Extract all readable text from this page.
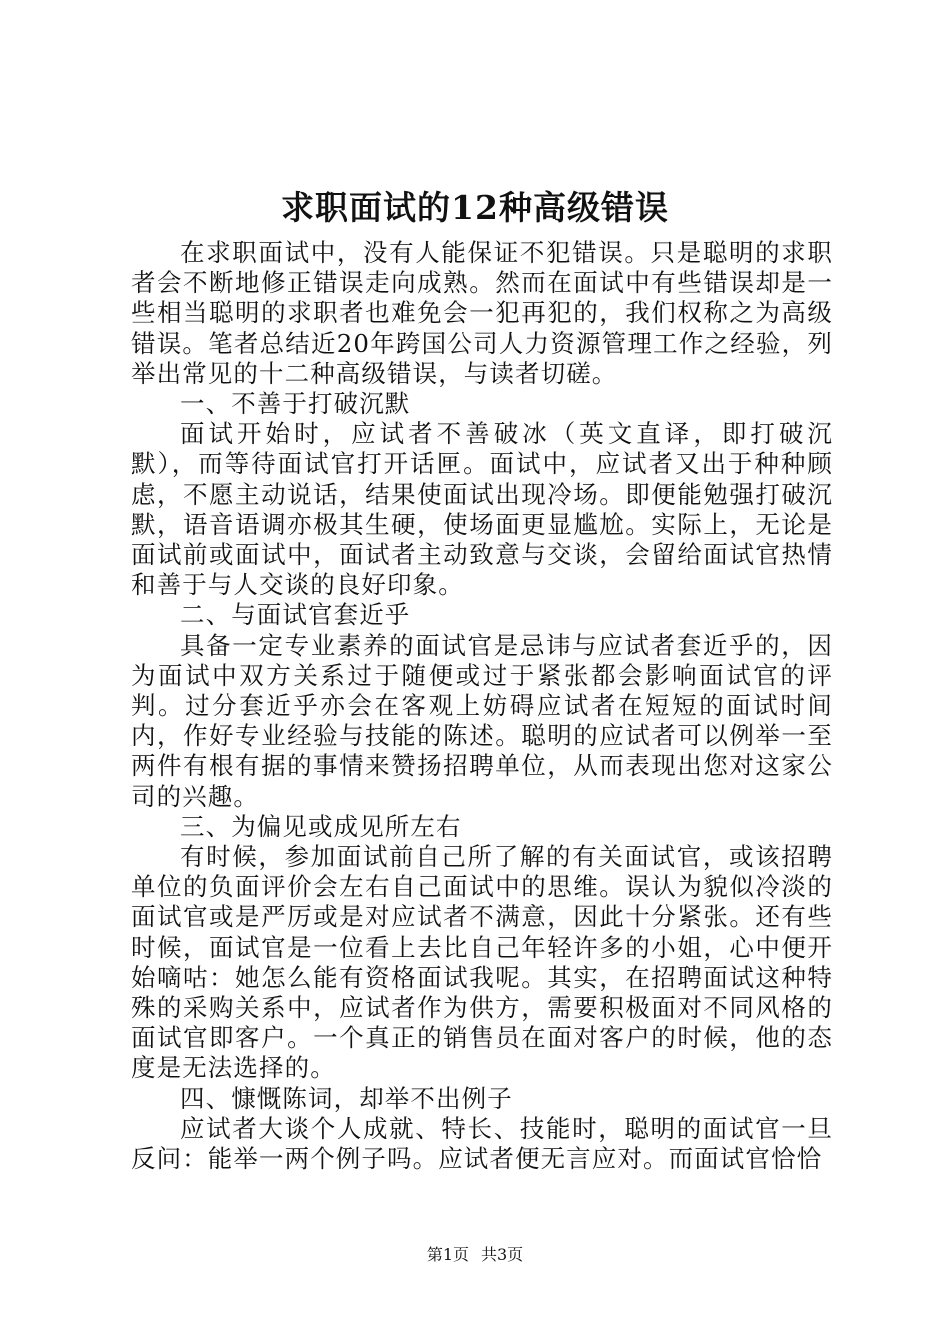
求职面试的12种高级错误

在求职面试中，没有人能保证不犯错误。只是聪明的求职者会不断地修正错误走向成熟。然而在面试中有些错误却是一些相当聪明的求职者也难免会一犯再犯的，我们权称之为高级错误。笔者总结近20年跨国公司人力资源管理工作之经验，列举出常见的十二种高级错误，与读者切磋。

一、不善于打破沉默

面试开始时，应试者不善破冰（英文直译，即打破沉默），而等待面试官打开话匣。面试中，应试者又出于种种顾虑，不愿主动说话，结果使面试出现冷场。即便能勉强打破沉默，语音语调亦极其生硬，使场面更显尴尬。实际上，无论是面试前或面试中，面试者主动致意与交谈，会留给面试官热情和善于与人交谈的良好印象。

二、与面试官套近乎

具备一定专业素养的面试官是忌讳与应试者套近乎的，因为面试中双方关系过于随便或过于紧张都会影响面试官的评判。过分套近乎亦会在客观上妨碍应试者在短短的面试时间内，作好专业经验与技能的陈述。聪明的应试者可以例举一至两件有根有据的事情来赞扬招聘单位，从而表现出您对这家公司的兴趣。

三、为偏见或成见所左右

有时候，参加面试前自己所了解的有关面试官，或该招聘单位的负面评价会左右自己面试中的思维。误认为貌似冷淡的面试官或是严厉或是对应试者不满意，因此十分紧张。还有些时候，面试官是一位看上去比自己年轻许多的小姐，心中便开始嘀咕：她怎么能有资格面试我呢。其实，在招聘面试这种特殊的采购关系中，应试者作为供方，需要积极面对不同风格的面试官即客户。一个真正的销售员在面对客户的时候，他的态度是无法选择的。

四、慷慨陈词，却举不出例子

应试者大谈个人成就、特长、技能时，聪明的面试官一旦反问：能举一两个例子吗。应试者便无言应对。而面试官恰恰

第1页 共3页
